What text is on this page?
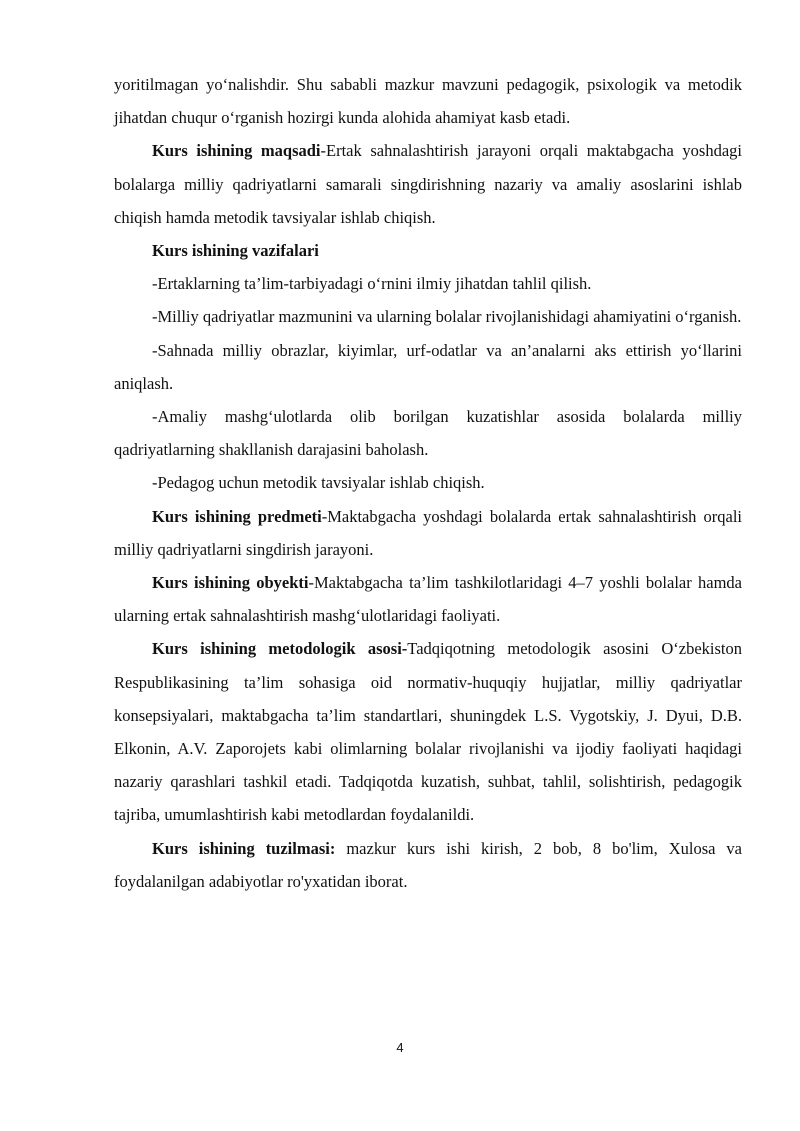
yoritilmagan yo‘nalishdir. Shu sababli mazkur mavzuni pedagogik, psixologik va metodik jihatdan chuqur o‘rganish hozirgi kunda alohida ahamiyat kasb etadi.

Kurs ishining maqsadi-Ertak sahnalashtirish jarayoni orqali maktabgacha yoshdagi bolalarga milliy qadriyatlarni samarali singdirishning nazariy va amaliy asoslarini ishlab chiqish hamda metodik tavsiyalar ishlab chiqish.

Kurs ishining vazifalari

-Ertaklarning ta’lim-tarbiyadagi o‘rnini ilmiy jihatdan tahlil qilish.

-Milliy qadriyatlar mazmunini va ularning bolalar rivojlanishidagi ahamiyatini o‘rganish.

-Sahnada milliy obrazlar, kiyimlar, urf-odatlar va an’analarni aks ettirish yo‘llarini aniqlash.

-Amaliy mashg‘ulotlarda olib borilgan kuzatishlar asosida bolalarda milliy qadriyatlarning shakllanish darajasini baholash.

-Pedagog uchun metodik tavsiyalar ishlab chiqish.

Kurs ishining predmeti-Maktabgacha yoshdagi bolalarda ertak sahnalashtirish orqali milliy qadriyatlarni singdirish jarayoni.

Kurs ishining obyekti-Maktabgacha ta’lim tashkilotlaridagi 4–7 yoshli bolalar hamda ularning ertak sahnalashtirish mashg‘ulotlaridagi faoliyati.

Kurs ishining metodologik asosi-Tadqiqotning metodologik asosini O‘zbekiston Respublikasining ta’lim sohasiga oid normativ-huquqiy hujjatlar, milliy qadriyatlar konsepsiyalari, maktabgacha ta’lim standartlari, shuningdek L.S. Vygotskiy, J. Dyui, D.B. Elkonin, A.V. Zaporojets kabi olimlarning bolalar rivojlanishi va ijodiy faoliyati haqidagi nazariy qarashlari tashkil etadi. Tadqiqotda kuzatish, suhbat, tahlil, solishtirish, pedagogik tajriba, umumlashtirish kabi metodlardan foydalanildi.

Kurs ishining tuzilmasi: mazkur kurs ishi kirish, 2 bob, 8 bo'lim, Xulosa va foydalanilgan adabiyotlar ro'yxatidan iborat.

4
